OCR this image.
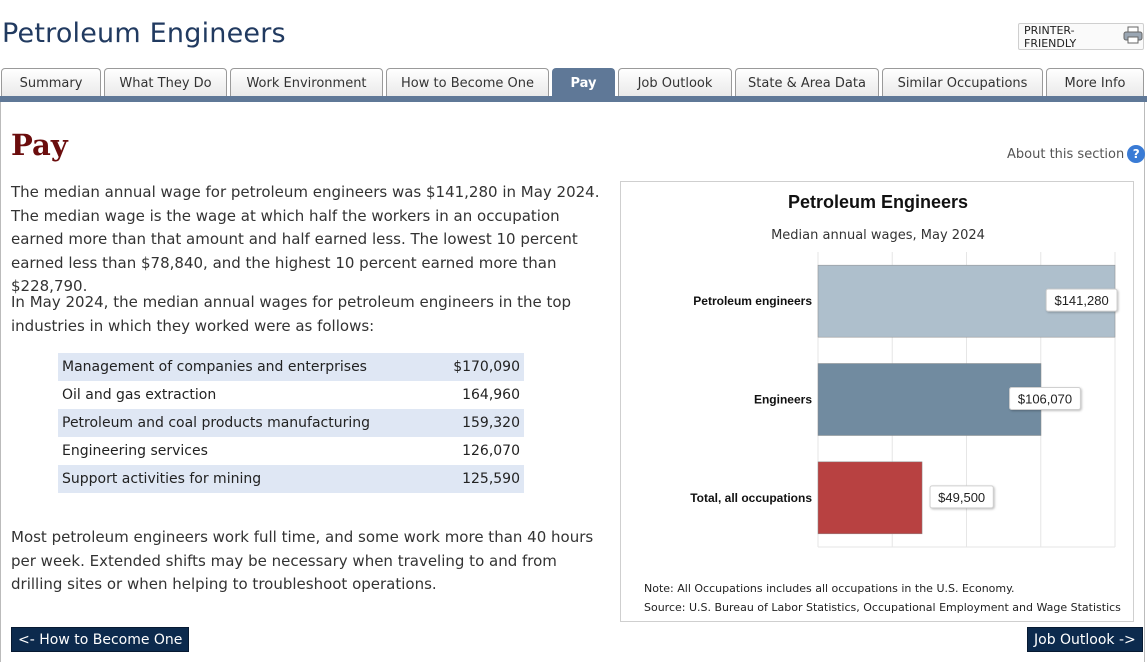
Petroleum Engineers	PRINTER-FRIENDLY
Summary	What They Do	Work Environment	How to Become One	Pay	Job Outlook	State & Area Data	Similar Occupations	More Info
Pay	About this section ?
The median annual wage for petroleum engineers was $141,280 in May 2024. The median wage is the wage at which half the workers in an occupation earned more than that amount and half earned less. The lowest 10 percent earned less than $78,840, and the highest 10 percent earned more than $228,790.
In May 2024, the median annual wages for petroleum engineers in the top industries in which they worked were as follows:
Management of companies and enterprises	$170,090
Oil and gas extraction	164,960
Petroleum and coal products manufacturing	159,320
Engineering services	126,070
Support activities for mining	125,590
Most petroleum engineers work full time, and some work more than 40 hours per week. Extended shifts may be necessary when traveling to and from drilling sites or when helping to troubleshoot operations.
Petroleum Engineers
Median annual wages, May 2024
Petroleum engineers	$141,280
Engineers	$106,070
Total, all occupations	$49,500
Note: All Occupations includes all occupations in the U.S. Economy.
Source: U.S. Bureau of Labor Statistics, Occupational Employment and Wage Statistics
<- How to Become One	Job Outlook ->
